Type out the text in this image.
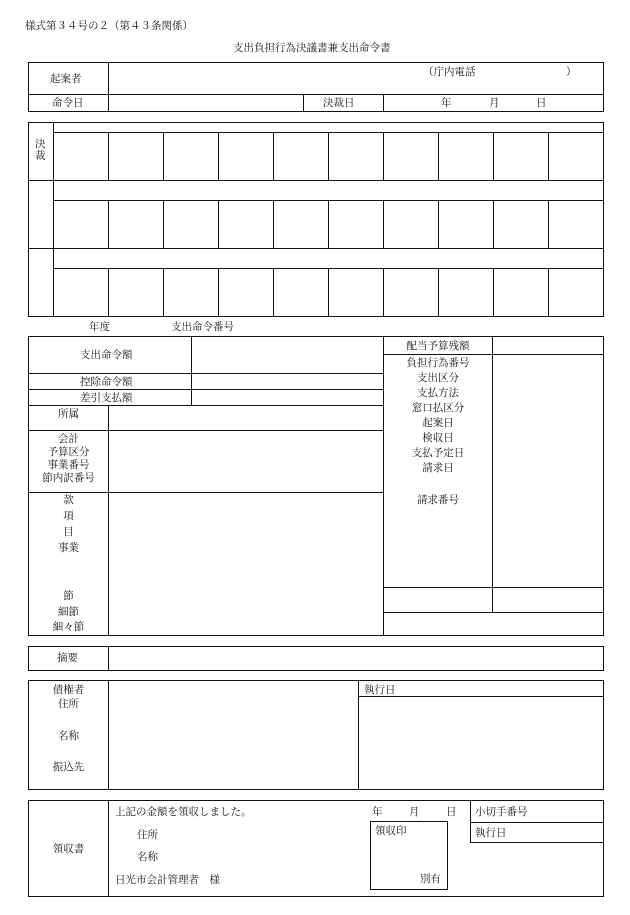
様式第３４号の２（第４３条関係）
支出負担行為決議書兼支出命令書
起案者
（庁内電話	）
命令日	決裁日	年	月	日
決裁
年度	支出命令番号
支出命令額
控除命令額
差引支払額
所属
会計
予算区分
事業番号
節内訳番号
款
項
目
事業
節
細節
細々節
配当予算残額
負担行為番号
支出区分
支払方法
窓口払区分
起案日
検収日
支払予定日
請求日
請求番号
摘要
債権者
住所
名称
振込先
執行日
領収書
上記の金額を領収しました。
住所
名称
日光市会計管理者　様
年	月	日
領収印
別有
小切手番号
執行日
